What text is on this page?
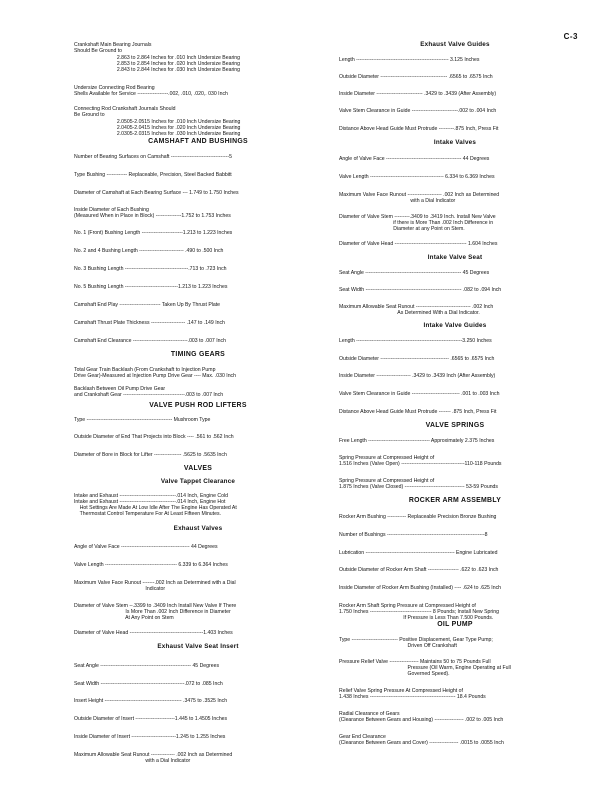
C-3
Crankshaft Main Bearing Journals
Should Be Ground to
2.863 to 2.864 Inches for .010 Inch Undersize Bearing
2.853 to 2.854 Inches for .020 Inch Undersize Bearing
2.843 to 2.844 Inches for .030 Inch Undersize Bearing
Undersize Connecting Rod Bearing
Shells Available for Service ------------------.002, .010, .020,. 030 Inch
Connecting Rod Crankshaft Journals Should
Be Ground to
2.0505-2.0515 Inches for .010 Inch Undersize Bearing
2.0405-2.0415 Inches for .020 Inch Undersize Bearing
2.0305-2.0315 Inches for .030 Inch Undersize Bearing
CAMSHAFT AND BUSHINGS
Number of Bearing Surfaces on Camshaft ----------------------------------5
Type Bushing ------------ Replaceable, Precision, Steel Backed Babbitt
Diameter of Camshaft at Each Bearing Surface --- 1.749 to 1.750 Inches
Inside Diameter of Each Bushing
(Measured When in Place in Block) ---------------1.752 to 1.753 Inches
No. 1 (Front) Bushing Length ------------------------1.213 to 1.223 Inches
No. 2 and 4 Bushing Length -------------------------- .490 to .500 Inch
No. 3 Bushing Length -------------------------------------.713 to .723 Inch
No. 5 Bushing Length -------------------------------1.213 to 1.223 Inches
Camshaft End Play ------------------------ Taken Up By Thrust Plate
Camshaft Thrust Plate Thickness -------------------- .147 to .149 Inch
Camshaft End Clearance --------------------------------.003 to .007 Inch
TIMING GEARS
Total Gear Train Backlash (From Crankshaft to Injection Pump
Drive Gear)-Measured at Injection Pump Drive Gear ---- Max. .030 Inch
Backlash Between Oil Pump Drive Gear
and Crankshaft Gear ------------------------------------.003 to .007 Inch
VALVE PUSH ROD LIFTERS
Type -------------------------------------------------- Mushroom Type
Outside Diameter of End That Projects into Block ---- .561 to .562 Inch
Diameter of Bore in Block for Lifter ---------------- .5625 to .5635 Inch
VALVES
Valve Tappet Clearance
Intake and Exhaust ---------------------------------.014 Inch, Engine Cold
Intake and Exhaust ---------------------------------.014 Inch, Engine Hot
Hot Settings Are Made At Low Idle After The Engine Has Operated At
Thermostat Control Temperature For At Least Fifteen Minutes.
Exhaust Valves
Angle of Valve Face ---------------------------------------- 44 Degrees
Valve Length ------------------------------------------ 6.339 to 6.364 Inches
Maximum Valve Face Runout -------.002 Inch as Determined with a Dial
Indicator
Diameter of Valve Stem --.3399 to .3409 Inch Install New Valve If There
Is More Than .002 Inch Difference in Diameter
At Any Point on Stem
Diameter of Valve Head -------------------------------------------1.403 Inches
Exhaust Valve Seat Insert
Seat Angle ----------------------------------------------------- 45 Degrees
Seat Width -------------------------------------------------.072 to .085 Inch
Insert Height --------------------------------------------- .3475 to .3525 Inch
Outside Diameter of Insert -----------------------1.445 to 1.4505 Inches
Inside Diameter of Insert --------------------------1.245 to 1.255 Inches
Maximum Allowable Seat Runout -------------- .002 Inch as Determined
with a Dial Indicator
Exhaust Valve Guides
Length ------------------------------------------------------ 3.125 Inches
Outside Diameter --------------------------------------- .6565 to .6575 Inch
Inside Diameter --------------------------- .3429 to .3439 (After Assembly)
Valve Stem Clearance in Guide ---------------------------.002 to .004 Inch
Distance Above Head Guide Must Protrude ---------.875 Inch, Press Fit
Intake Valves
Angle of Valve Face -------------------------------------------- 44 Degrees
Valve Length ------------------------------------------- 6.334 to 6.369 Inches
Maximum Valve Face Runout -------------------- .002 Inch as Determined
with a Dial Indicator
Diameter of Valve Stem ---------.3409 to .3419 Inch. Install New Valve
if there is More Than .002 Inch Difference in
Diameter at any Point on Stem.
Diameter of Valve Head ------------------------------------------ 1.604 Inches
Intake Valve Seat
Seat Angle -------------------------------------------------------- 45 Degrees
Seat Width -------------------------------------------------------- .082 to .094 Inch
Maximum Allowable Seat Runout -------------------------------- .002 Inch
As Determined With a Dial Indicator.
Intake Valve Guides
Length --------------------------------------------------------------3.250 Inches
Outside Diameter ---------------------------------------- .6565 to .6575 Inch
Inside Diameter -------------------- .3429 to .3439 Inch (After Assembly)
Valve Stem Clearance in Guide ---------------------------- .001 to .003 Inch
Distance Above Head Guide Must Protrude ------- .875 Inch, Press Fit
VALVE SPRINGS
Free Length ------------------------------------ Approximately 2.375 Inches
Spring Pressure at Compressed Height of
1.516 Inches (Valve Open) -------------------------------------110-118 Pounds
Spring Pressure at Compressed Height of
1.875 Inches (Valve Closed) ----------------------------------- 53-59 Pounds
ROCKER ARM ASSEMBLY
Rocker Arm Bushing ----------- Replaceable Precision Bronze Bushing
Number of Bushings ---------------------------------------------------------8
Lubrication ---------------------------------------------------- Engine Lubricated
Outside Diameter of Rocker Arm Shaft ------------------ .622 to .623 Inch
Inside Diameter of Rocker Arm Bushing (Installed) ---- .624 to .625 Inch
Rocker Arm Shaft Spring Pressure at Compressed Height of
1.750 Inches ------------------------------------ 8 Pounds; Install New Spring
If Pressure is Less Than 7.500 Pounds.
OIL PUMP
Type --------------------------- Positive Displacement, Gear Type Pump;
Driven Off Crankshaft
Pressure Relief Valve ----------------- Maintains 50 to 75 Pounds Full
Pressure (Oil Warm, Engine Operating at Full
Governed Speed).
Relief Valve Spring Pressure At Compressed Height of
1.438 Inches -------------------------------------------------- 18.4 Pounds
Radial Clearance of Gears
(Clearance Between Gears and Housing) ----------------- .002 to .005 Inch
Gear End Clearance
(Clearance Between Gears and Cover) ----------------- .0015 to .0055 Inch
